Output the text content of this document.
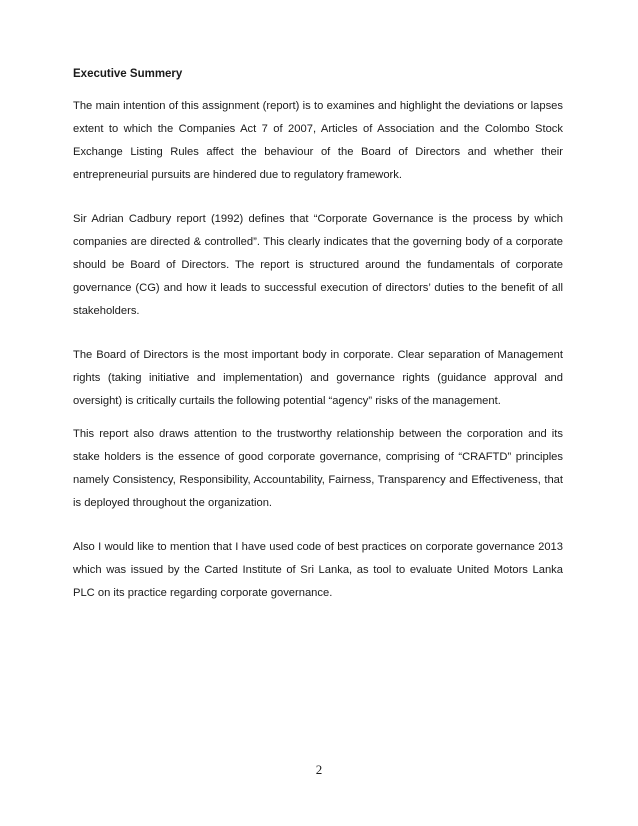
Executive Summery

The main intention of this assignment (report) is to examines and highlight the deviations or lapses extent to which the Companies Act 7 of 2007, Articles of Association and the Colombo Stock Exchange Listing Rules affect the behaviour of the Board of Directors and whether their entrepreneurial pursuits are hindered due to regulatory framework.

Sir Adrian Cadbury report (1992) defines that “Corporate Governance is the process by which companies are directed & controlled”. This clearly indicates that the governing body of a corporate should be Board of Directors. The report is structured around the fundamentals of corporate governance (CG) and how it leads to successful execution of directors’ duties to the benefit of all stakeholders.

The Board of Directors is the most important body in corporate. Clear separation of Management rights (taking initiative and implementation) and governance rights (guidance approval and oversight) is critically curtails the following potential “agency” risks of the management.

This report also draws attention to the trustworthy relationship between the corporation and its stake holders is the essence of good corporate governance, comprising of “CRAFTD” principles namely Consistency, Responsibility, Accountability, Fairness, Transparency and Effectiveness, that is deployed throughout the organization.

Also I would like to mention that I have used code of best practices on corporate governance 2013 which was issued by the Carted Institute of Sri Lanka, as tool to evaluate United Motors Lanka PLC on its practice regarding corporate governance.

2
